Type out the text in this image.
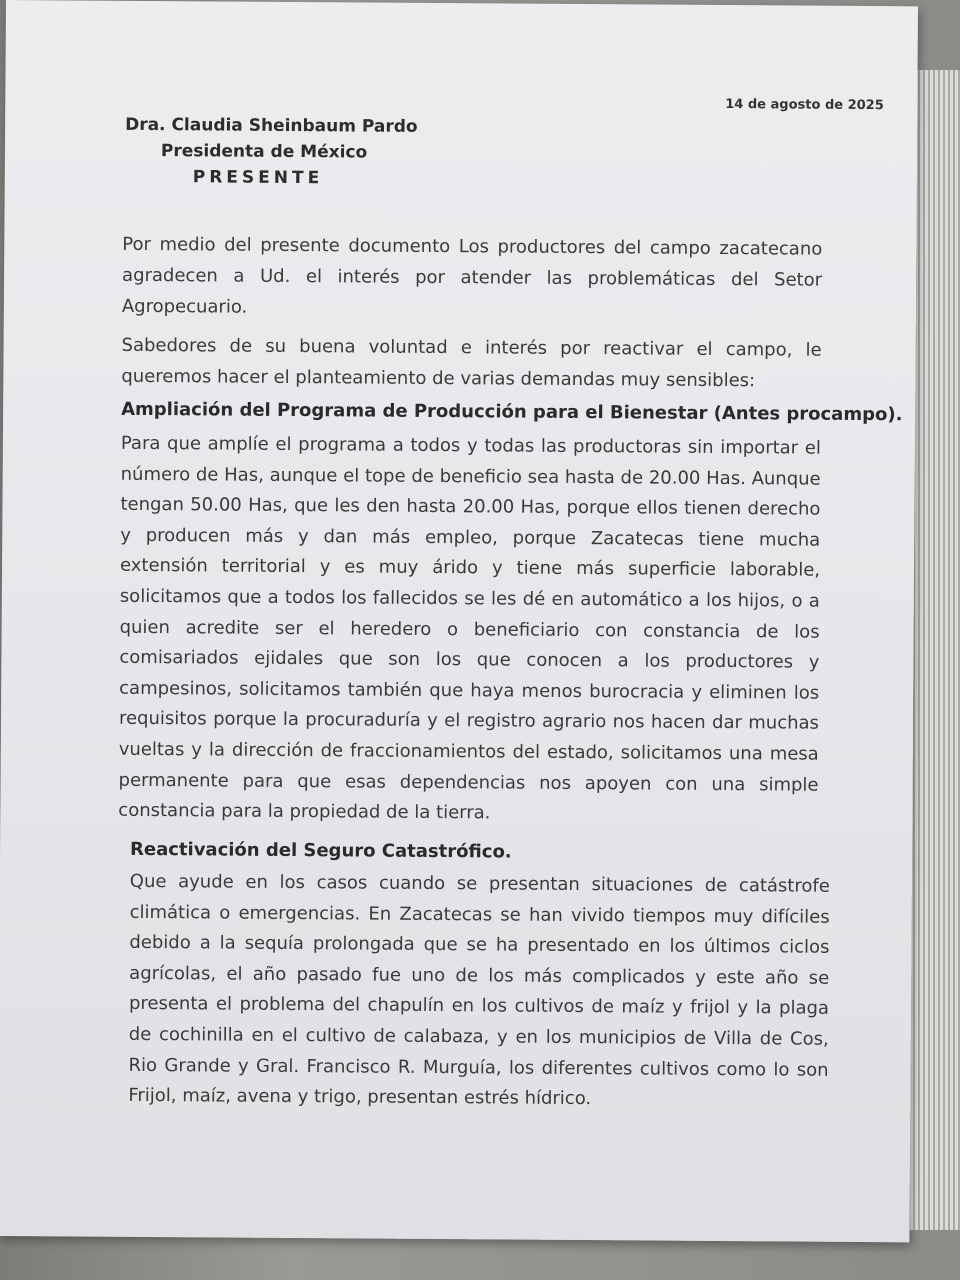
14 de agosto de 2025
Dra. Claudia Sheinbaum Pardo
Presidenta de México
PRESENTE
Por medio del presente documento Los productores del campo zacatecano agradecen a Ud. el interés por atender las problemáticas del Setor Agropecuario.
Sabedores de su buena voluntad e interés por reactivar el campo, le queremos hacer el planteamiento de varias demandas muy sensibles:
Ampliación del Programa de Producción para el Bienestar (Antes procampo).
Para que amplíe el programa a todos y todas las productoras sin importar el número de Has, aunque el tope de beneficio sea hasta de 20.00 Has. Aunque tengan 50.00 Has, que les den hasta 20.00 Has, porque ellos tienen derecho y producen más y dan más empleo, porque Zacatecas tiene mucha extensión territorial y es muy árido y tiene más superficie laborable, solicitamos que a todos los fallecidos se les dé en automático a los hijos, o a quien acredite ser el heredero o beneficiario con constancia de los comisariados ejidales que son los que conocen a los productores y campesinos, solicitamos también que haya menos burocracia y eliminen los requisitos porque la procuraduría y el registro agrario nos hacen dar muchas vueltas y la dirección de fraccionamientos del estado, solicitamos una mesa permanente para que esas dependencias nos apoyen con una simple constancia para la propiedad de la tierra.
Reactivación del Seguro Catastrófico.
Que ayude en los casos cuando se presentan situaciones de catástrofe climática o emergencias. En Zacatecas se han vivido tiempos muy difíciles debido a la sequía prolongada que se ha presentado en los últimos ciclos agrícolas, el año pasado fue uno de los más complicados y este año se presenta el problema del chapulín en los cultivos de maíz y frijol y la plaga de cochinilla en el cultivo de calabaza, y en los municipios de Villa de Cos, Rio Grande y Gral. Francisco R. Murguía, los diferentes cultivos como lo son Frijol, maíz, avena y trigo, presentan estrés hídrico.
